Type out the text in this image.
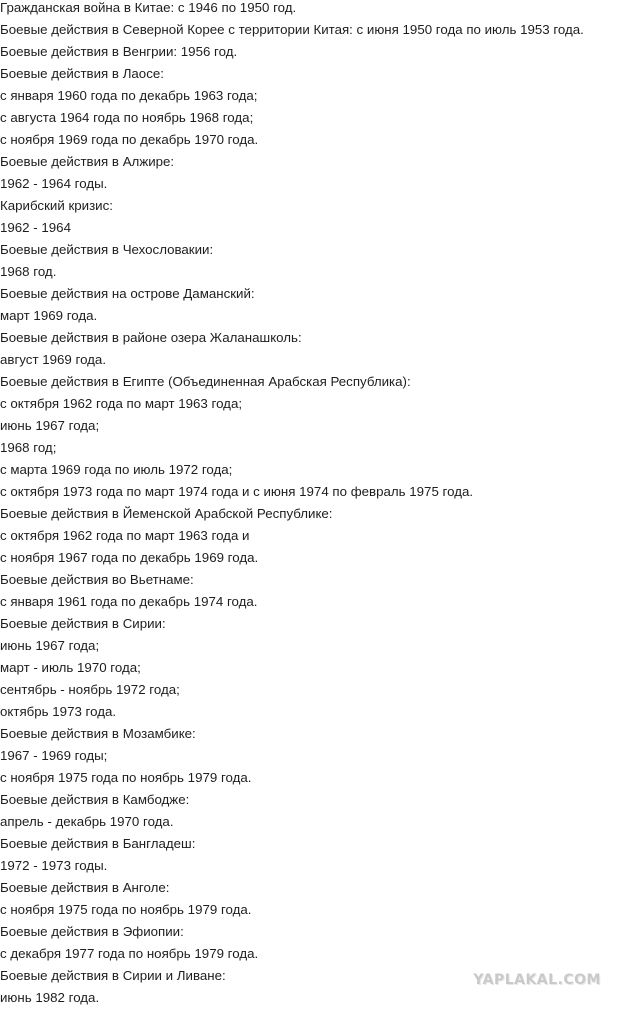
Гражданская война в Китае: с 1946 по 1950 год.
Боевые действия в Северной Корее с территории Китая: с июня 1950 года по июль 1953 года.
Боевые действия в Венгрии: 1956 год.
Боевые действия в Лаосе:
с января 1960 года по декабрь 1963 года;
с августа 1964 года по ноябрь 1968 года;
с ноября 1969 года по декабрь 1970 года.
Боевые действия в Алжире:
1962 - 1964 годы.
Карибский кризис:
1962 - 1964
Боевые действия в Чехословакии:
1968 год.
Боевые действия на острове Даманский:
март 1969 года.
Боевые действия в районе озера Жаланашколь:
август 1969 года.
Боевые действия в Египте (Объединенная Арабская Республика):
с октября 1962 года по март 1963 года;
июнь 1967 года;
1968 год;
с марта 1969 года по июль 1972 года;
с октября 1973 года по март 1974 года и с июня 1974 по февраль 1975 года.
Боевые действия в Йеменской Арабской Республике:
с октября 1962 года по март 1963 года и
с ноября 1967 года по декабрь 1969 года.
Боевые действия во Вьетнаме:
с января 1961 года по декабрь 1974 года.
Боевые действия в Сирии:
июнь 1967 года;
март - июль 1970 года;
сентябрь - ноябрь 1972 года;
октябрь 1973 года.
Боевые действия в Мозамбике:
1967 - 1969 годы;
с ноября 1975 года по ноябрь 1979 года.
Боевые действия в Камбодже:
апрель - декабрь 1970 года.
Боевые действия в Бангладеш:
1972 - 1973 годы.
Боевые действия в Анголе:
с ноября 1975 года по ноябрь 1979 года.
Боевые действия в Эфиопии:
с декабря 1977 года по ноябрь 1979 года.
Боевые действия в Сирии и Ливане:
июнь 1982 года.
YAPLAKAL.COM
